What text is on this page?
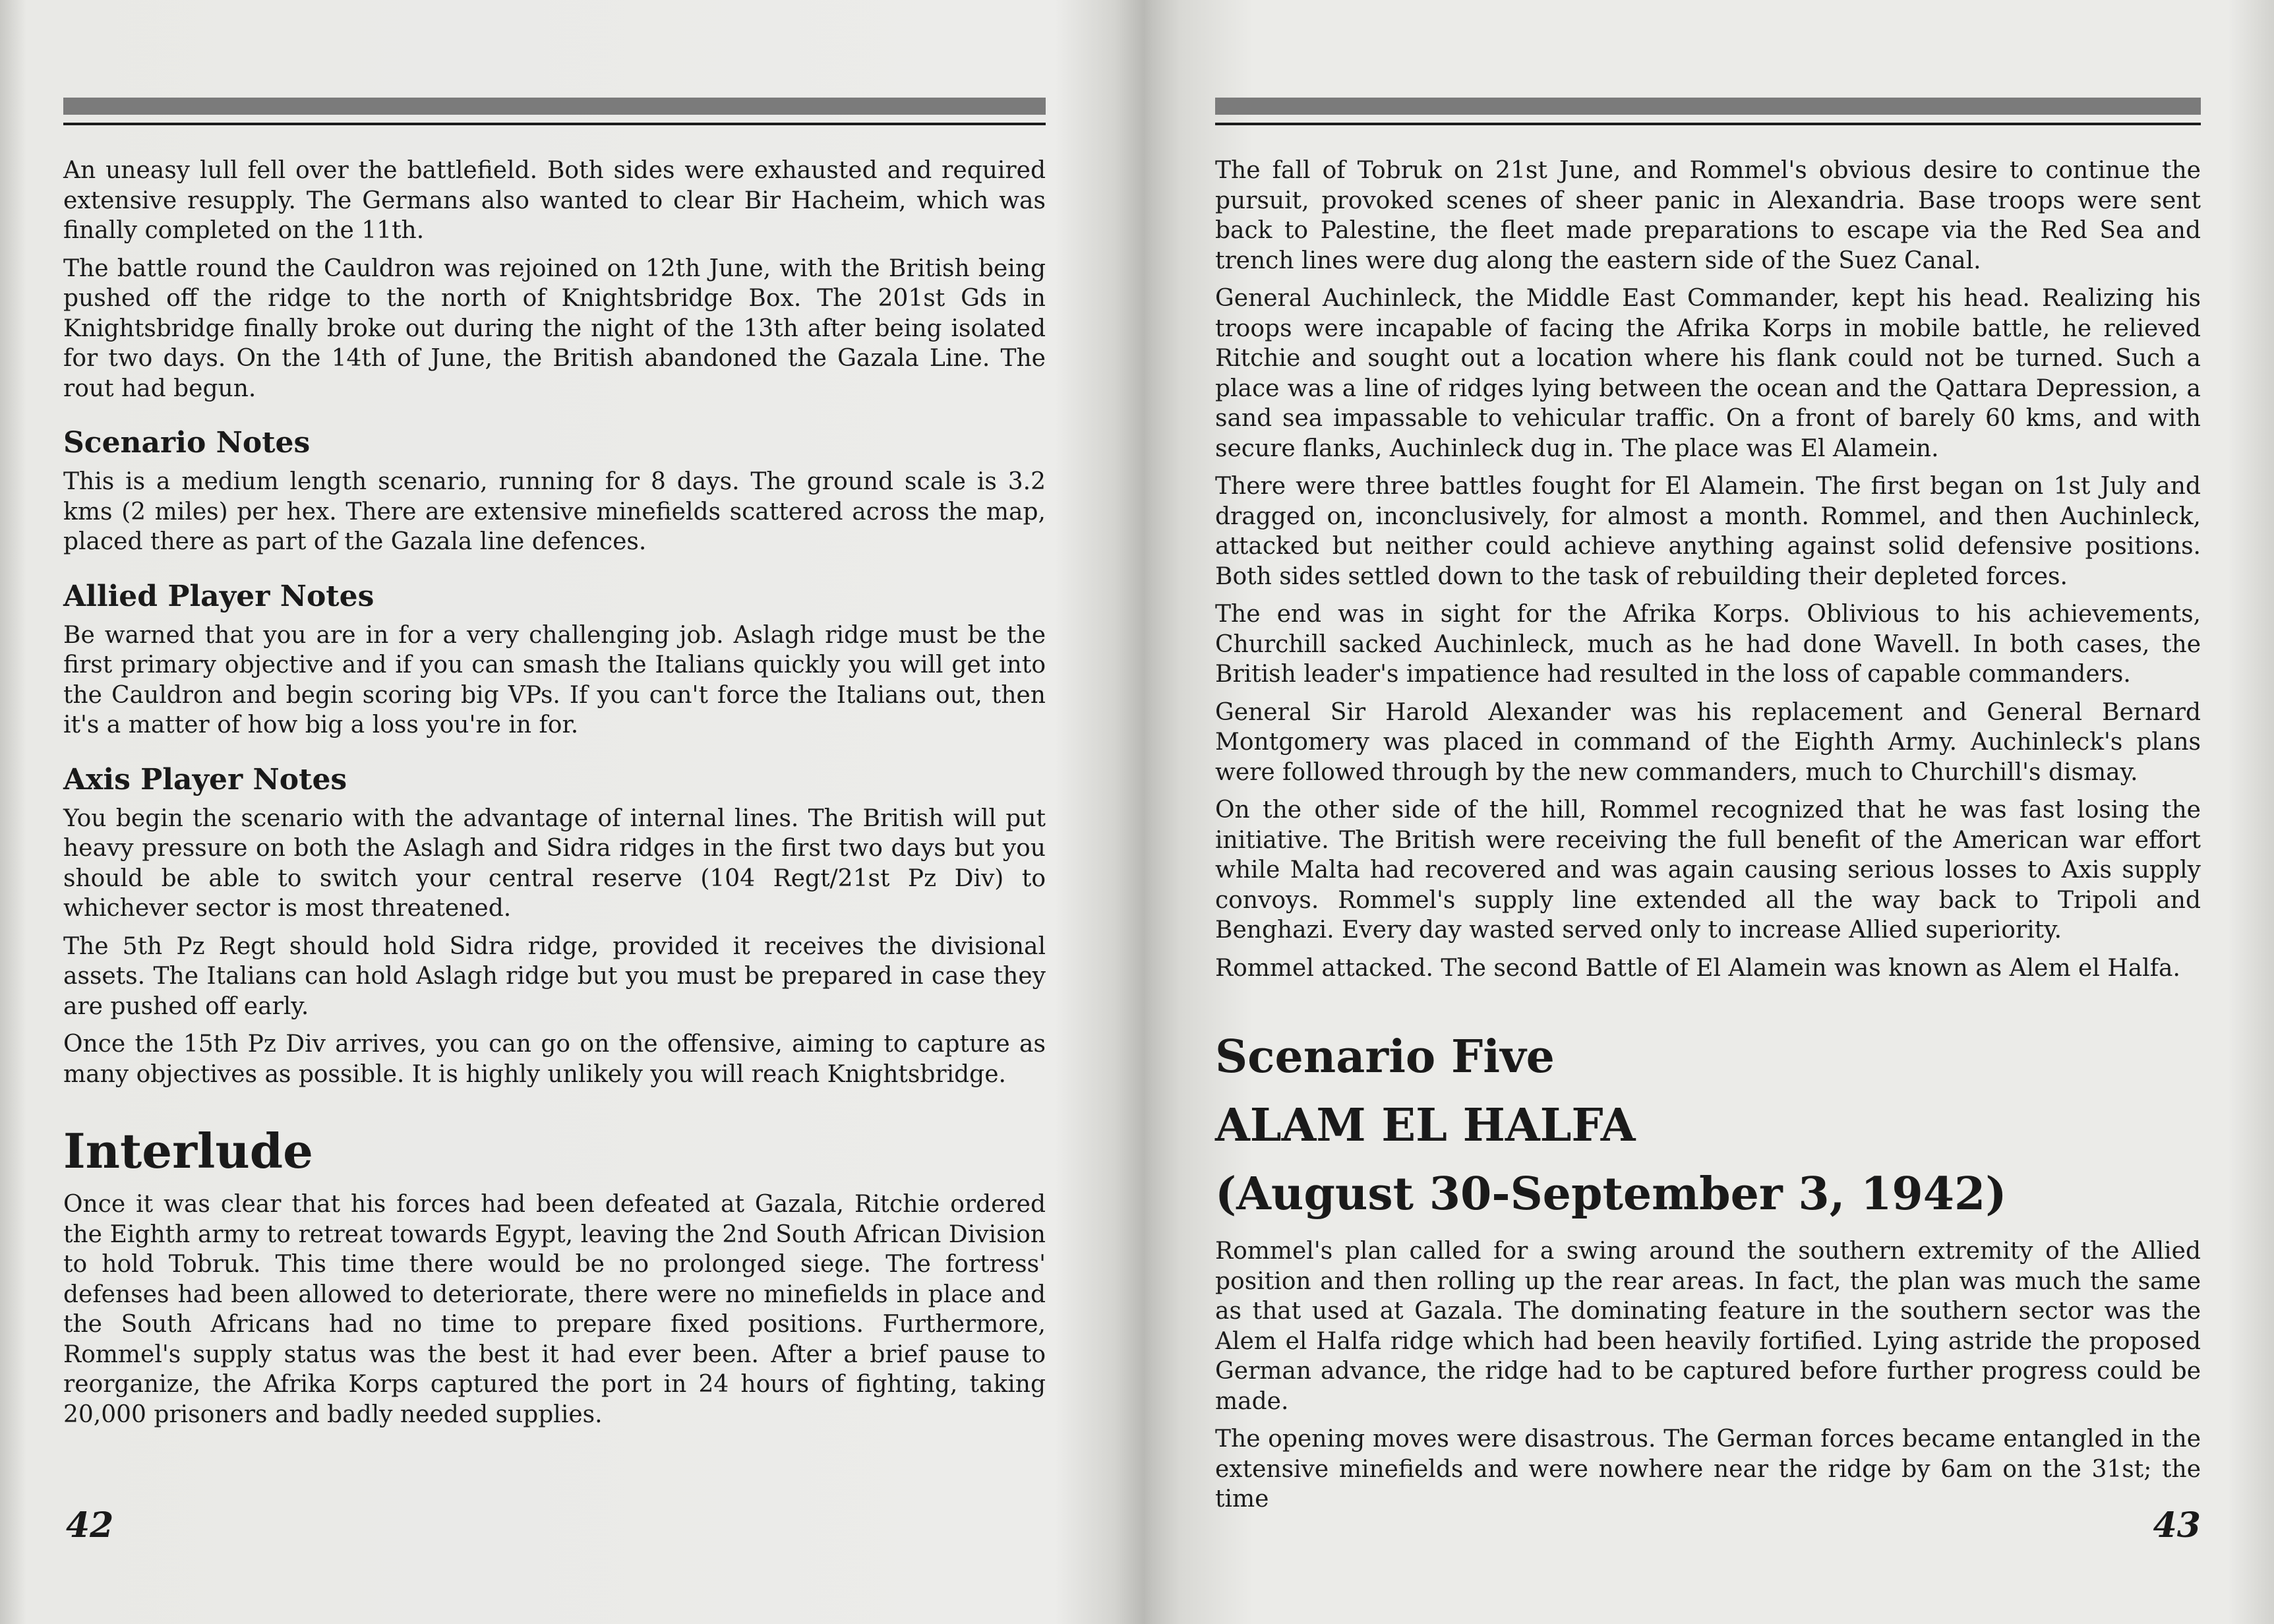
An uneasy lull fell over the battlefield. Both sides were exhausted and required extensive resupply. The Germans also wanted to clear Bir Hacheim, which was finally completed on the 11th.

The battle round the Cauldron was rejoined on 12th June, with the British being pushed off the ridge to the north of Knightsbridge Box. The 201st Gds in Knightsbridge finally broke out during the night of the 13th after being isolated for two days. On the 14th of June, the British abandoned the Gazala Line. The rout had begun.

Scenario Notes

This is a medium length scenario, running for 8 days. The ground scale is 3.2 kms (2 miles) per hex. There are extensive minefields scattered across the map, placed there as part of the Gazala line defences.

Allied Player Notes

Be warned that you are in for a very challenging job. Aslagh ridge must be the first primary objective and if you can smash the Italians quickly you will get into the Cauldron and begin scoring big VPs. If you can't force the Italians out, then it's a matter of how big a loss you're in for.

Axis Player Notes

You begin the scenario with the advantage of internal lines. The British will put heavy pressure on both the Aslagh and Sidra ridges in the first two days but you should be able to switch your central reserve (104 Regt/21st Pz Div) to whichever sector is most threatened.

The 5th Pz Regt should hold Sidra ridge, provided it receives the divisional assets. The Italians can hold Aslagh ridge but you must be prepared in case they are pushed off early.

Once the 15th Pz Div arrives, you can go on the offensive, aiming to capture as many objectives as possible. It is highly unlikely you will reach Knightsbridge.

Interlude

Once it was clear that his forces had been defeated at Gazala, Ritchie ordered the Eighth army to retreat towards Egypt, leaving the 2nd South African Division to hold Tobruk. This time there would be no prolonged siege. The fortress' defenses had been allowed to deteriorate, there were no minefields in place and the South Africans had no time to prepare fixed positions. Furthermore, Rommel's supply status was the best it had ever been. After a brief pause to reorganize, the Afrika Korps captured the port in 24 hours of fighting, taking 20,000 prisoners and badly needed supplies.

42

The fall of Tobruk on 21st June, and Rommel's obvious desire to continue the pursuit, provoked scenes of sheer panic in Alexandria. Base troops were sent back to Palestine, the fleet made preparations to escape via the Red Sea and trench lines were dug along the eastern side of the Suez Canal.

General Auchinleck, the Middle East Commander, kept his head. Realizing his troops were incapable of facing the Afrika Korps in mobile battle, he relieved Ritchie and sought out a location where his flank could not be turned. Such a place was a line of ridges lying between the ocean and the Qattara Depression, a sand sea impassable to vehicular traffic. On a front of barely 60 kms, and with secure flanks, Auchinleck dug in. The place was El Alamein.

There were three battles fought for El Alamein. The first began on 1st July and dragged on, inconclusively, for almost a month. Rommel, and then Auchinleck, attacked but neither could achieve anything against solid defensive positions. Both sides settled down to the task of rebuilding their depleted forces.

The end was in sight for the Afrika Korps. Oblivious to his achievements, Churchill sacked Auchinleck, much as he had done Wavell. In both cases, the British leader's impatience had resulted in the loss of capable commanders.

General Sir Harold Alexander was his replacement and General Bernard Montgomery was placed in command of the Eighth Army. Auchinleck's plans were followed through by the new commanders, much to Churchill's dismay.

On the other side of the hill, Rommel recognized that he was fast losing the initiative. The British were receiving the full benefit of the American war effort while Malta had recovered and was again causing serious losses to Axis supply convoys. Rommel's supply line extended all the way back to Tripoli and Benghazi. Every day wasted served only to increase Allied superiority.

Rommel attacked. The second Battle of El Alamein was known as Alem el Halfa.

Scenario Five
ALAM EL HALFA
(August 30-September 3, 1942)

Rommel's plan called for a swing around the southern extremity of the Allied position and then rolling up the rear areas. In fact, the plan was much the same as that used at Gazala. The dominating feature in the southern sector was the Alem el Halfa ridge which had been heavily fortified. Lying astride the proposed German advance, the ridge had to be captured before further progress could be made.

The opening moves were disastrous. The German forces became entangled in the extensive minefields and were nowhere near the ridge by 6am on the 31st; the time

43
